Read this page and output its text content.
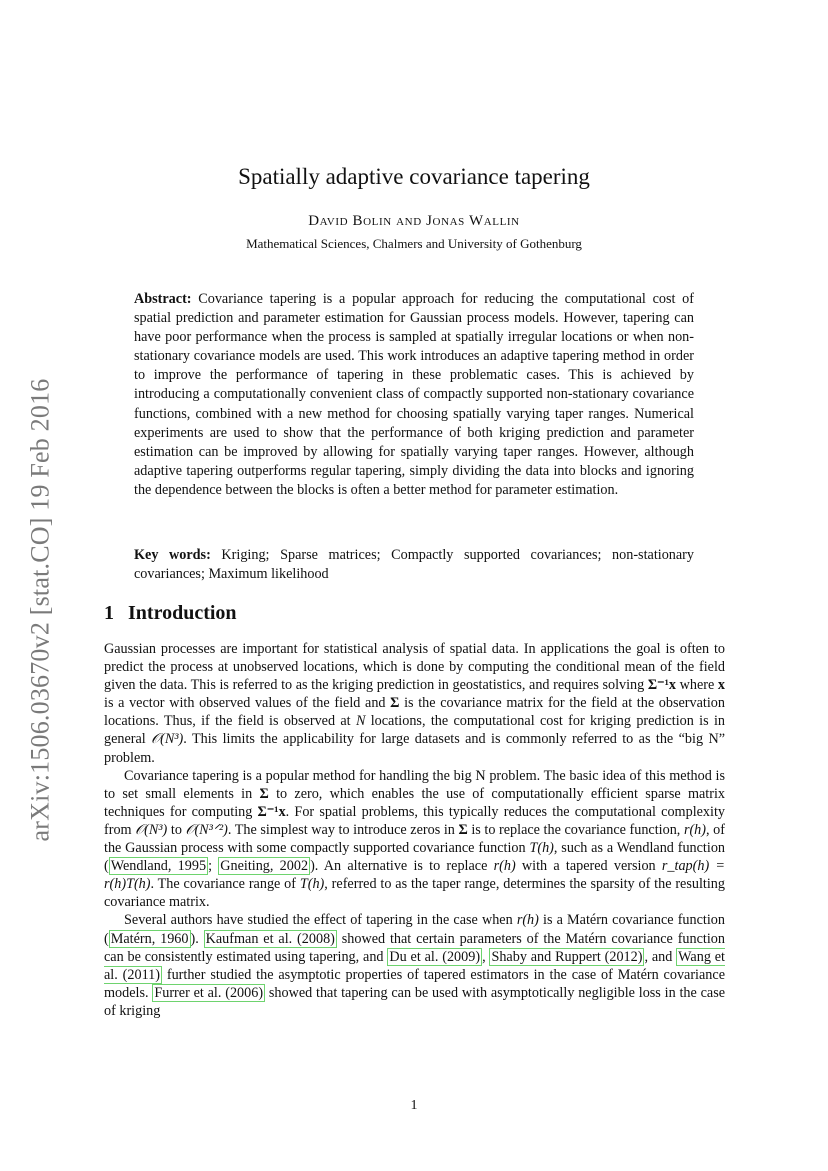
arXiv:1506.03670v2 [stat.CO] 19 Feb 2016
Spatially adaptive covariance tapering
David Bolin and Jonas Wallin
Mathematical Sciences, Chalmers and University of Gothenburg
Abstract: Covariance tapering is a popular approach for reducing the computational cost of spatial prediction and parameter estimation for Gaussian process models. However, tapering can have poor performance when the process is sampled at spatially irregular locations or when non-stationary covariance models are used. This work introduces an adaptive tapering method in order to improve the performance of tapering in these problematic cases. This is achieved by introducing a computationally convenient class of compactly supported non-stationary covariance functions, combined with a new method for choosing spatially varying taper ranges. Numerical experiments are used to show that the performance of both kriging prediction and parameter estimation can be improved by allowing for spatially varying taper ranges. However, although adaptive tapering outperforms regular tapering, simply dividing the data into blocks and ignoring the dependence between the blocks is often a better method for parameter estimation.
Key words: Kriging; Sparse matrices; Compactly supported covariances; non-stationary covariances; Maximum likelihood
1 Introduction

Gaussian processes are important for statistical analysis of spatial data. In applications the goal is often to predict the process at unobserved locations, which is done by computing the conditional mean of the field given the data. This is referred to as the kriging prediction in geostatistics, and requires solving Σ⁻¹x where x is a vector with observed values of the field and Σ is the covariance matrix for the field at the observation locations. Thus, if the field is observed at N locations, the computational cost for kriging prediction is in general 𝒪(N³). This limits the applicability for large datasets and is commonly referred to as the “big N” problem.

Covariance tapering is a popular method for handling the big N problem. The basic idea of this method is to set small elements in Σ to zero, which enables the use of computationally efficient sparse matrix techniques for computing Σ⁻¹x. For spatial problems, this typically reduces the computational complexity from 𝒪(N³) to 𝒪(N³ᐟ²). The simplest way to introduce zeros in Σ is to replace the covariance function, r(h), of the Gaussian process with some compactly supported covariance function T(h), such as a Wendland function ( Wendland, 1995 ; Gneiting, 2002 ). An alternative is to replace r(h) with a tapered version r_tap(h) = r(h)T(h). The covariance range of T(h), referred to as the taper range, determines the sparsity of the resulting covariance matrix.

Several authors have studied the effect of tapering in the case when r(h) is a Matérn covariance function ( Matérn, 1960 ). Kaufman et al. (2008) showed that certain parameters of the Matérn covariance function can be consistently estimated using tapering, and Du et al. (2009) , Shaby and Ruppert (2012) , and Wang et al. (2011) further studied the asymptotic properties of tapered estimators in the case of Matérn covariance models. Furrer et al. (2006) showed that tapering can be used with asymptotically negligible loss in the case of kriging

1
